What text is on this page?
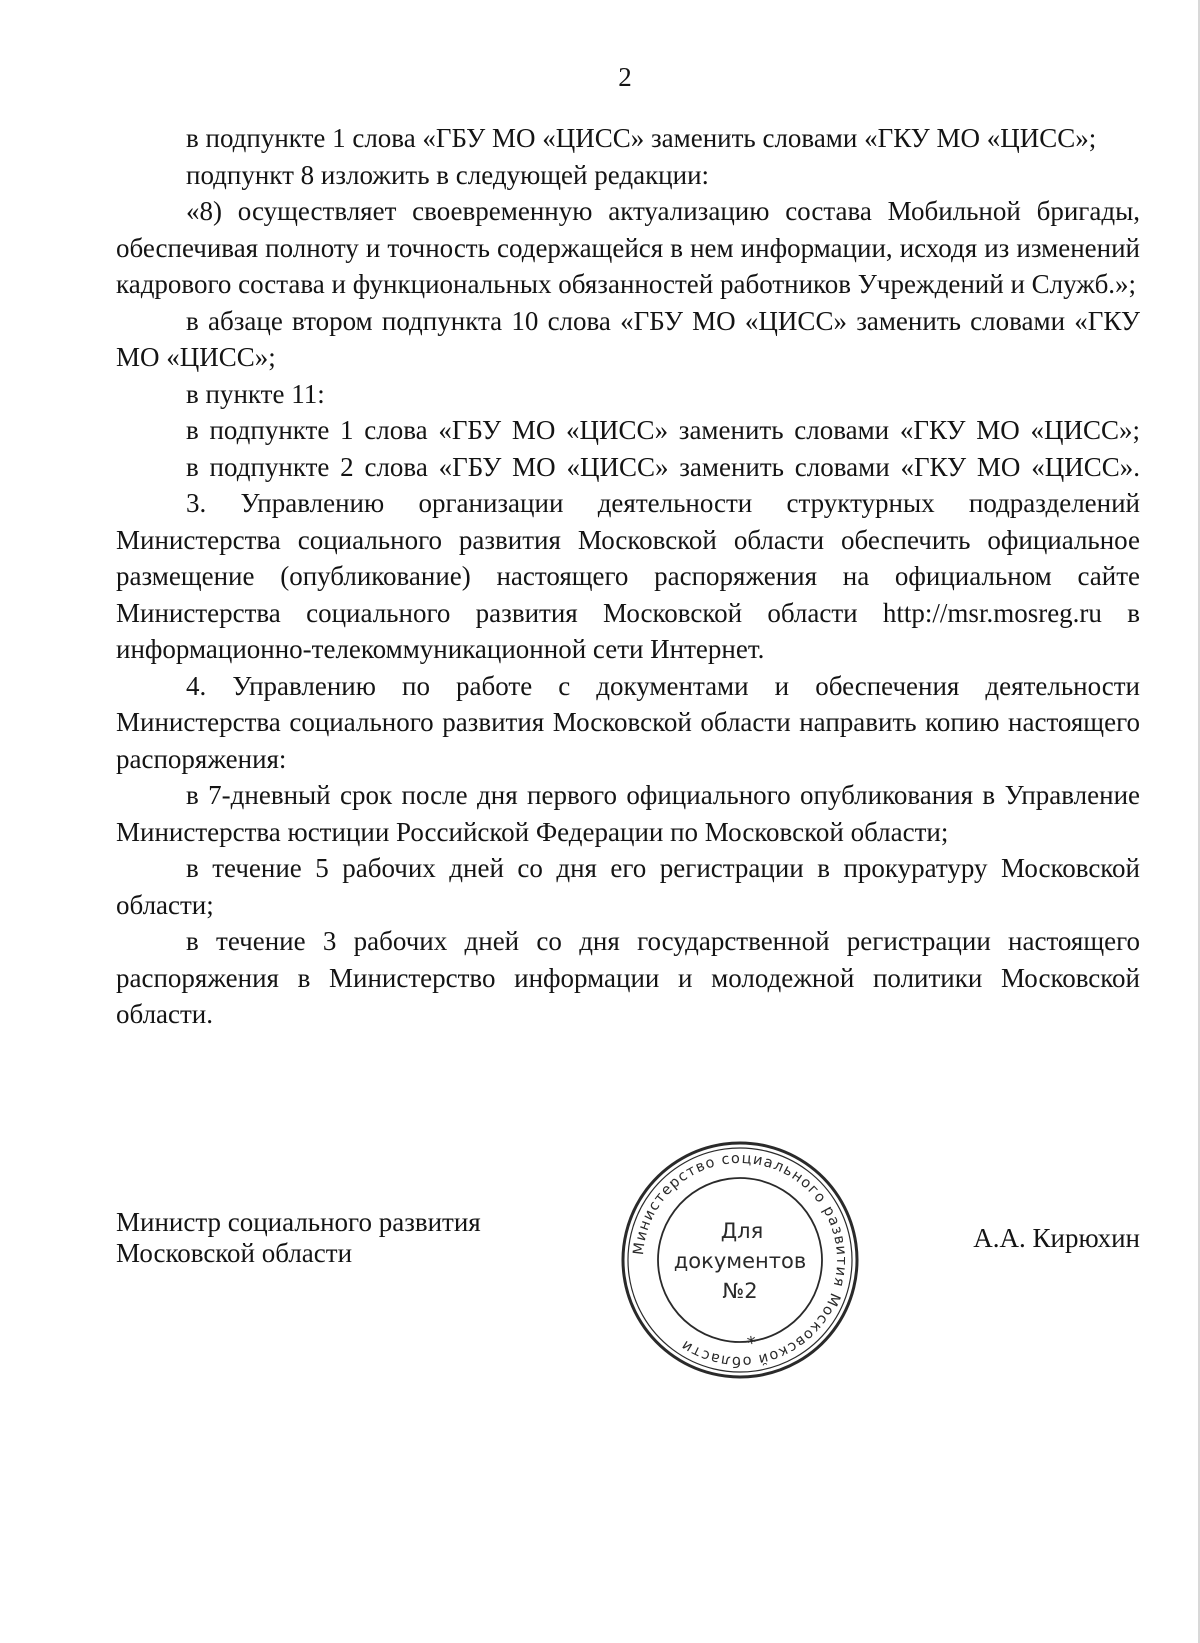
2

в подпункте 1 слова «ГБУ МО «ЦИСС» заменить словами «ГКУ МО «ЦИСС»;

подпункт 8 изложить в следующей редакции:

«8) осуществляет своевременную актуализацию состава Мобильной бригады, обеспечивая полноту и точность содержащейся в нем информации, исходя из изменений кадрового состава и функциональных обязанностей работников Учреждений и Служб.»;

в абзаце втором подпункта 10 слова «ГБУ МО «ЦИСС» заменить словами «ГКУ МО «ЦИСС»;

в пункте 11:

в подпункте 1 слова «ГБУ МО «ЦИСС» заменить словами «ГКУ МО «ЦИСС»;

в подпункте 2 слова «ГБУ МО «ЦИСС» заменить словами «ГКУ МО «ЦИСС».

3. Управлению организации деятельности структурных подразделений Министерства социального развития Московской области обеспечить официальное размещение (опубликование) настоящего распоряжения на официальном сайте Министерства социального развития Московской области http://msr.mosreg.ru в информационно-телекоммуникационной сети Интернет.

4. Управлению по работе с документами и обеспечения деятельности Министерства социального развития Московской области направить копию настоящего распоряжения:

в 7-дневный срок после дня первого официального опубликования в Управление Министерства юстиции Российской Федерации по Московской области;

в течение 5 рабочих дней со дня его регистрации в прокуратуру Московской области;

в течение 3 рабочих дней со дня государственной регистрации настоящего распоряжения в Министерство информации и молодежной политики Московской области.

Министр социального развития
Московской области	А.А. Кирюхин
Министерство социального развития Московской области	*
Для
документов
№2
